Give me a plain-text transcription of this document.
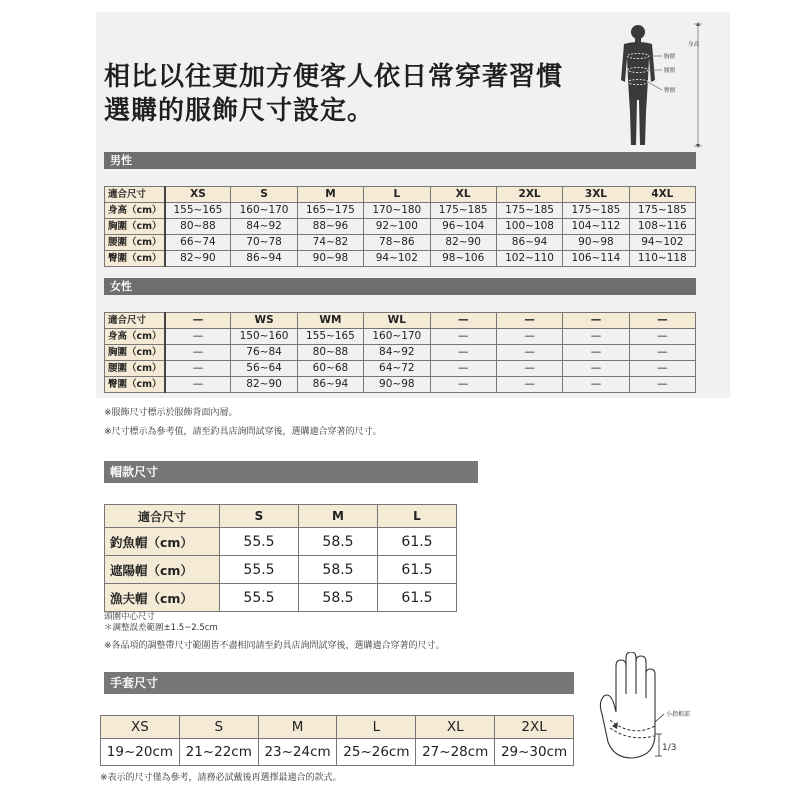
相比以往更加方便客人依日常穿著習慣
選購的服飾尺寸設定。
胸圍
腰圍
臀圍
身高
男性
適合尺寸	XS	S	M	L	XL	2XL	3XL	4XL
身高（cm）	155~165	160~170	165~175	170~180	175~185	175~185	175~185	175~185
胸圍（cm）	80~88	84~92	88~96	92~100	96~104	100~108	104~112	108~116
腰圍（cm）	66~74	70~78	74~82	78~86	82~90	86~94	90~98	94~102
臀圍（cm）	82~90	86~94	90~98	94~102	98~106	102~110	106~114	110~118
女性
適合尺寸	—	WS	WM	WL	—	—	—	—
身高（cm）	—	150~160	155~165	160~170	—	—	—	—
胸圍（cm）	—	76~84	80~88	84~92	—	—	—	—
腰圍（cm）	—	56~64	60~68	64~72	—	—	—	—
臀圍（cm）	—	82~90	86~94	90~98	—	—	—	—
※服飾尺寸標示於服飾背面內層。
※尺寸標示為參考值，請至釣具店詢問試穿後，選購適合穿著的尺寸。
帽款尺寸
適合尺寸	S	M	L
釣魚帽（cm）	55.5	58.5	61.5
遮陽帽（cm）	55.5	58.5	61.5
漁夫帽（cm）	55.5	58.5	61.5
頭圍中心尺寸
＊調整誤差範圍±1.5~2.5cm
※各品項的調整帶尺寸範圍皆不盡相同請至釣具店詢問試穿後，選購適合穿著的尺寸。
手套尺寸
XS	S	M	L	XL	2XL
19~20cm	21~22cm	23~24cm	25~26cm	27~28cm	29~30cm
※表示的尺寸僅為參考，請務必試戴後再選擇最適合的款式。
小指根部
1/3
